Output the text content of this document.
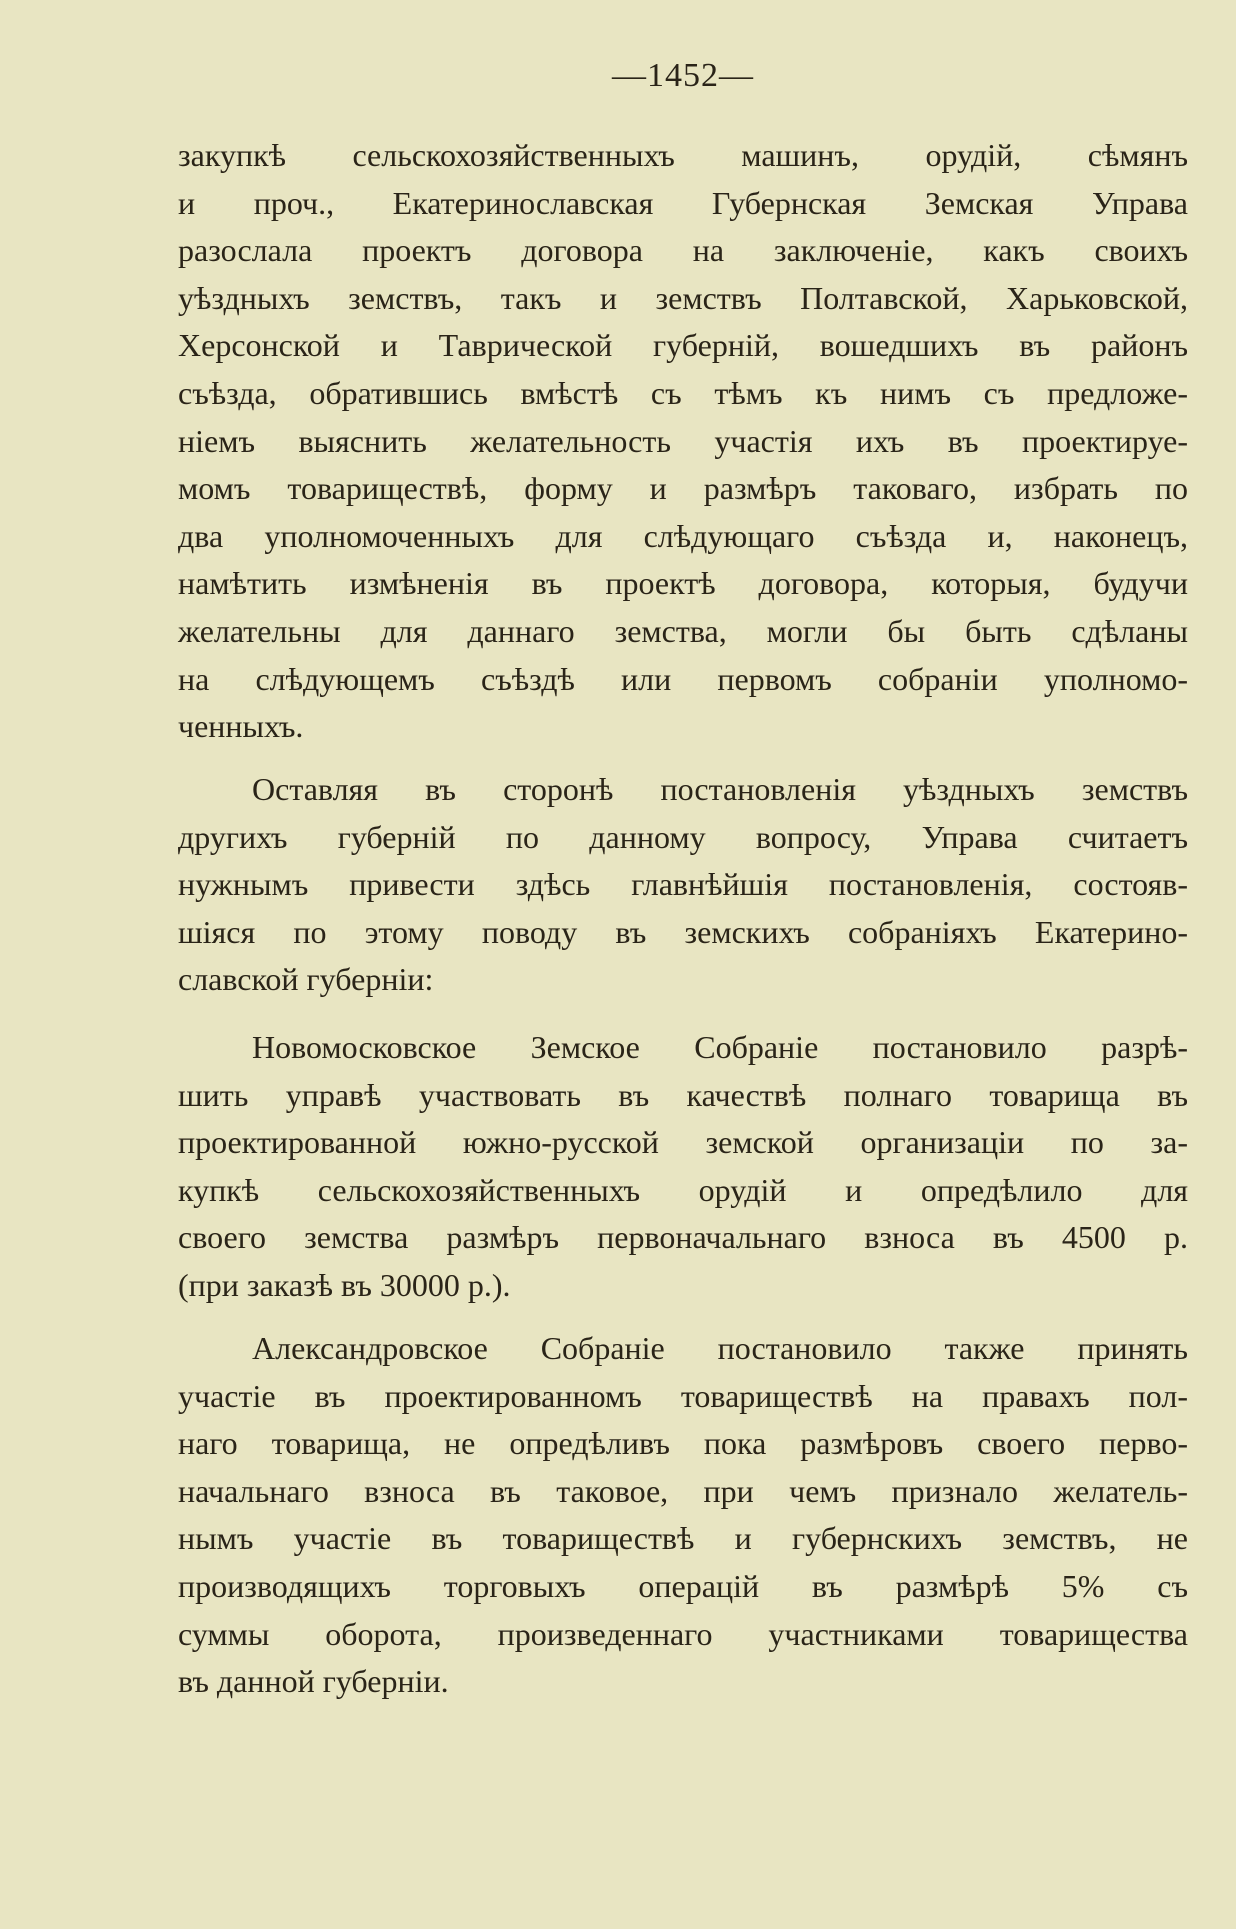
—1452—
закупкѣ сельскохозяйственныхъ машинъ, орудій, сѣмянъ
и проч., Екатеринославская Губернская Земская Управа
разослала проектъ договора на заключеніе, какъ своихъ
уѣздныхъ земствъ, такъ и земствъ Полтавской, Харьковской,
Херсонской и Таврической губерній, вошедшихъ въ районъ
съѣзда, обратившись вмѣстѣ съ тѣмъ къ нимъ съ предложе-
ніемъ выяснить желательность участія ихъ въ проектируе-
момъ товариществѣ, форму и размѣръ таковаго, избрать по
два уполномоченныхъ для слѣдующаго съѣзда и, наконецъ,
намѣтить измѣненія въ проектѣ договора, которыя, будучи
желательны для даннаго земства, могли бы быть сдѣланы
на слѣдующемъ съѣздѣ или первомъ собраніи уполномо-
ченныхъ.
Оставляя въ сторонѣ постановленія уѣздныхъ земствъ
другихъ губерній по данному вопросу, Управа считаетъ
нужнымъ привести здѣсь главнѣйшія постановленія, состояв-
шіяся по этому поводу въ земскихъ собраніяхъ Екатерино-
славской губерніи:
Новомосковское Земское Собраніе постановило разрѣ-
шить управѣ участвовать въ качествѣ полнаго товарища въ
проектированной южно-русской земской организаціи по за-
купкѣ сельскохозяйственныхъ орудій и опредѣлило для
своего земства размѣръ первоначальнаго взноса въ 4500 р.
(при заказѣ въ 30000 р.).
Александровское Собраніе постановило также принять
участіе въ проектированномъ товариществѣ на правахъ пол-
наго товарища, не опредѣливъ пока размѣровъ своего перво-
начальнаго взноса въ таковое, при чемъ признало желатель-
нымъ участіе въ товариществѣ и губернскихъ земствъ, не
производящихъ торговыхъ операцій въ размѣрѣ 5% съ
суммы оборота, произведеннаго участниками товарищества
въ данной губерніи.
